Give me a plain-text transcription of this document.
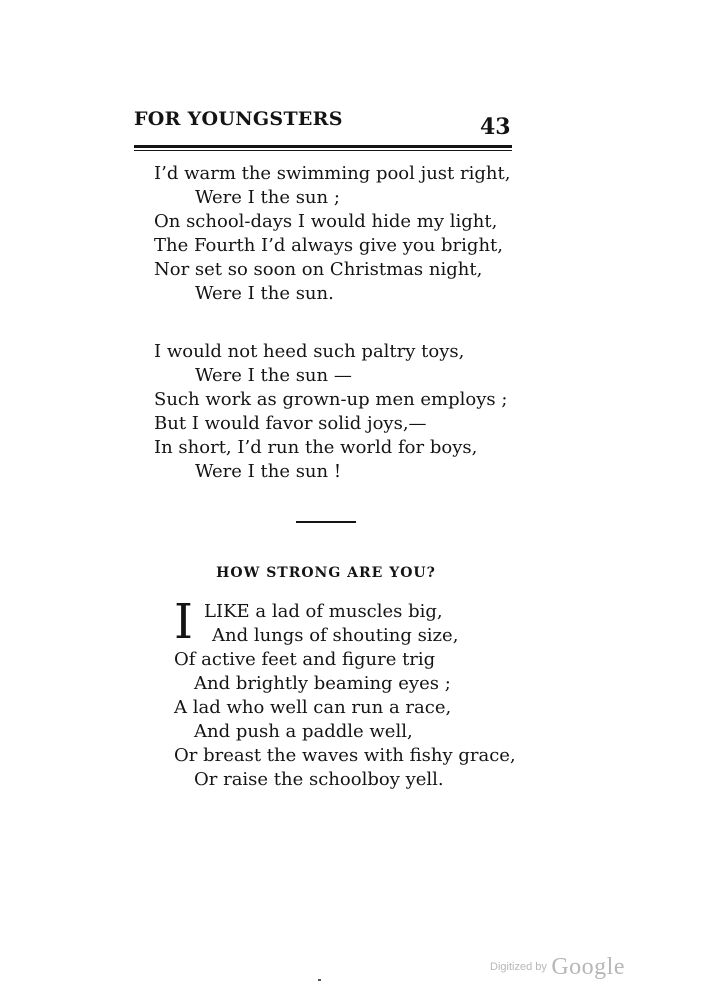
FOR YOUNGSTERS	43
I’d warm the swimming pool just right,
Were I the sun ;
On school-days I would hide my light,
The Fourth I’d always give you bright,
Nor set so soon on Christmas night,
Were I the sun.
I would not heed such paltry toys,
Were I the sun —
Such work as grown-up men employs ;
But I would favor solid joys,—
In short, I’d run the world for boys,
Were I the sun !
HOW STRONG ARE YOU?
I LIKE a lad of muscles big,
And lungs of shouting size,
Of active feet and figure trig
And brightly beaming eyes ;
A lad who well can run a race,
And push a paddle well,
Or breast the waves with fishy grace,
Or raise the schoolboy yell.
$^{Digitized by}$ Google
